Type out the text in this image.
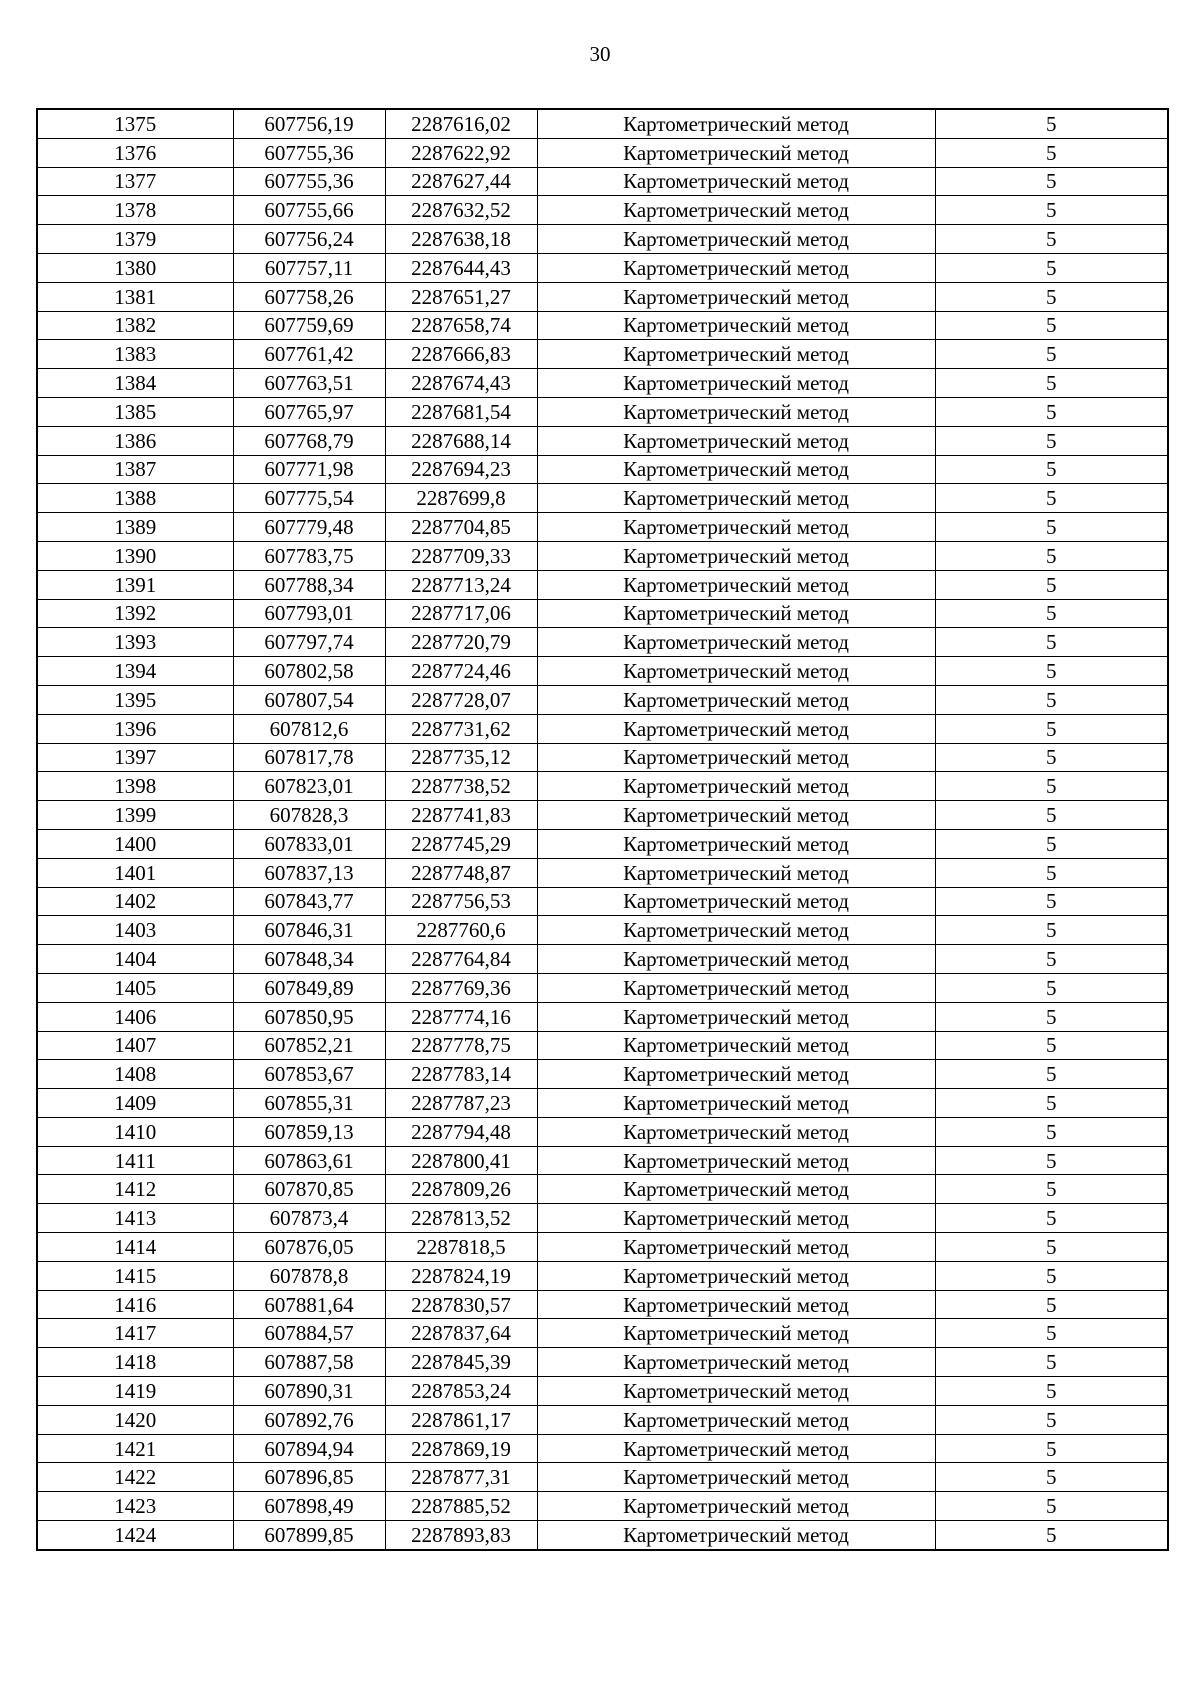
30
1375	607756,19	2287616,02	Картометрический метод	5
1376	607755,36	2287622,92	Картометрический метод	5
1377	607755,36	2287627,44	Картометрический метод	5
1378	607755,66	2287632,52	Картометрический метод	5
1379	607756,24	2287638,18	Картометрический метод	5
1380	607757,11	2287644,43	Картометрический метод	5
1381	607758,26	2287651,27	Картометрический метод	5
1382	607759,69	2287658,74	Картометрический метод	5
1383	607761,42	2287666,83	Картометрический метод	5
1384	607763,51	2287674,43	Картометрический метод	5
1385	607765,97	2287681,54	Картометрический метод	5
1386	607768,79	2287688,14	Картометрический метод	5
1387	607771,98	2287694,23	Картометрический метод	5
1388	607775,54	2287699,8	Картометрический метод	5
1389	607779,48	2287704,85	Картометрический метод	5
1390	607783,75	2287709,33	Картометрический метод	5
1391	607788,34	2287713,24	Картометрический метод	5
1392	607793,01	2287717,06	Картометрический метод	5
1393	607797,74	2287720,79	Картометрический метод	5
1394	607802,58	2287724,46	Картометрический метод	5
1395	607807,54	2287728,07	Картометрический метод	5
1396	607812,6	2287731,62	Картометрический метод	5
1397	607817,78	2287735,12	Картометрический метод	5
1398	607823,01	2287738,52	Картометрический метод	5
1399	607828,3	2287741,83	Картометрический метод	5
1400	607833,01	2287745,29	Картометрический метод	5
1401	607837,13	2287748,87	Картометрический метод	5
1402	607843,77	2287756,53	Картометрический метод	5
1403	607846,31	2287760,6	Картометрический метод	5
1404	607848,34	2287764,84	Картометрический метод	5
1405	607849,89	2287769,36	Картометрический метод	5
1406	607850,95	2287774,16	Картометрический метод	5
1407	607852,21	2287778,75	Картометрический метод	5
1408	607853,67	2287783,14	Картометрический метод	5
1409	607855,31	2287787,23	Картометрический метод	5
1410	607859,13	2287794,48	Картометрический метод	5
1411	607863,61	2287800,41	Картометрический метод	5
1412	607870,85	2287809,26	Картометрический метод	5
1413	607873,4	2287813,52	Картометрический метод	5
1414	607876,05	2287818,5	Картометрический метод	5
1415	607878,8	2287824,19	Картометрический метод	5
1416	607881,64	2287830,57	Картометрический метод	5
1417	607884,57	2287837,64	Картометрический метод	5
1418	607887,58	2287845,39	Картометрический метод	5
1419	607890,31	2287853,24	Картометрический метод	5
1420	607892,76	2287861,17	Картометрический метод	5
1421	607894,94	2287869,19	Картометрический метод	5
1422	607896,85	2287877,31	Картометрический метод	5
1423	607898,49	2287885,52	Картометрический метод	5
1424	607899,85	2287893,83	Картометрический метод	5
